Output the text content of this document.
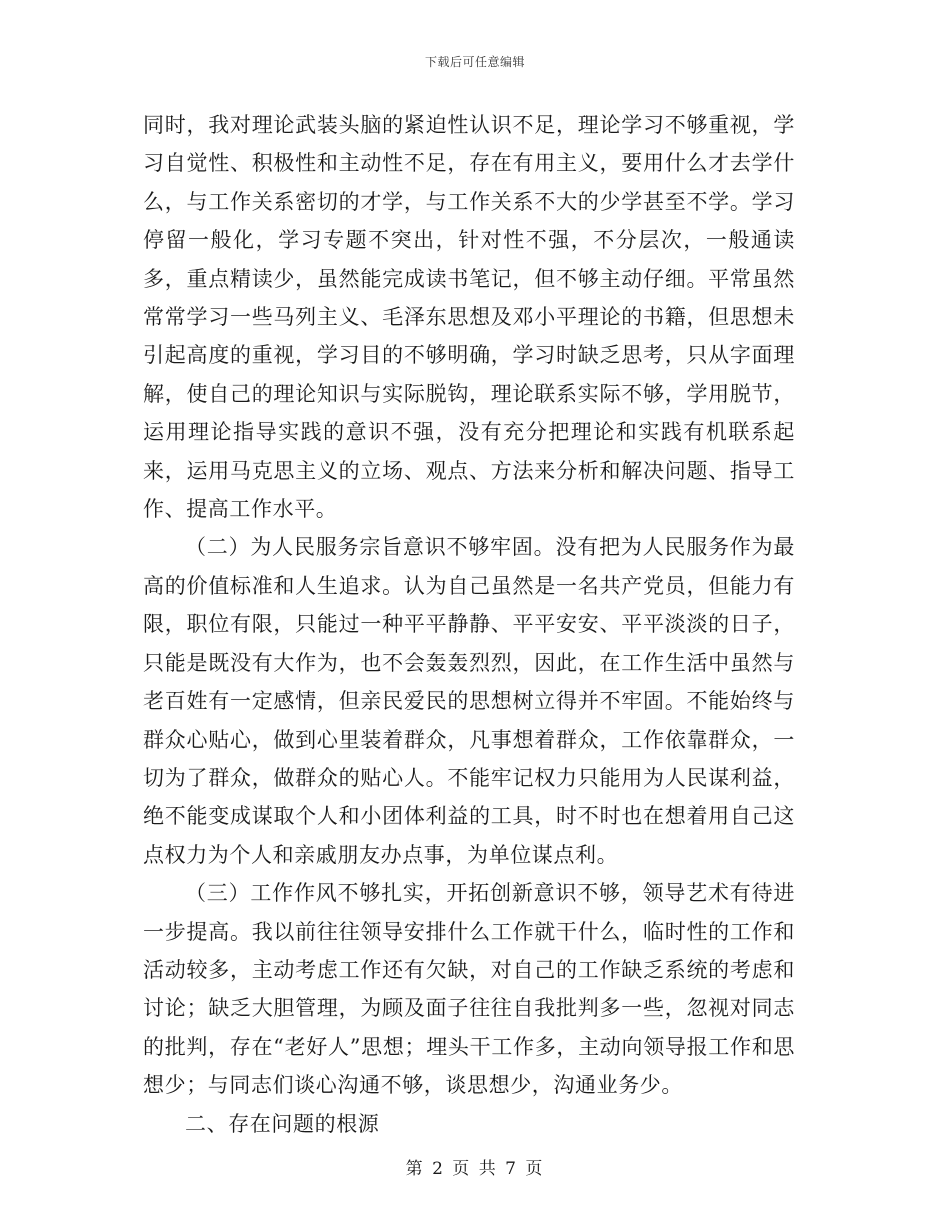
下载后可任意编辑

同时，我对理论武装头脑的紧迫性认识不足，理论学习不够重视，学习自觉性、积极性和主动性不足，存在有用主义，要用什么才去学什么，与工作关系密切的才学，与工作关系不大的少学甚至不学。学习停留一般化，学习专题不突出，针对性不强，不分层次，一般通读多，重点精读少，虽然能完成读书笔记，但不够主动仔细。平常虽然常常学习一些马列主义、毛泽东思想及邓小平理论的书籍，但思想未引起高度的重视，学习目的不够明确，学习时缺乏思考，只从字面理解，使自己的理论知识与实际脱钩，理论联系实际不够，学用脱节，运用理论指导实践的意识不强，没有充分把理论和实践有机联系起来，运用马克思主义的立场、观点、方法来分析和解决问题、指导工作、提高工作水平。

（二）为人民服务宗旨意识不够牢固。没有把为人民服务作为最高的价值标准和人生追求。认为自己虽然是一名共产党员，但能力有限，职位有限，只能过一种平平静静、平平安安、平平淡淡的日子，只能是既没有大作为，也不会轰轰烈烈，因此，在工作生活中虽然与老百姓有一定感情，但亲民爱民的思想树立得并不牢固。不能始终与群众心贴心，做到心里装着群众，凡事想着群众，工作依靠群众，一切为了群众，做群众的贴心人。不能牢记权力只能用为人民谋利益，绝不能变成谋取个人和小团体利益的工具，时不时也在想着用自己这点权力为个人和亲戚朋友办点事，为单位谋点利。

（三）工作作风不够扎实，开拓创新意识不够，领导艺术有待进一步提高。我以前往往领导安排什么工作就干什么，临时性的工作和活动较多，主动考虑工作还有欠缺，对自己的工作缺乏系统的考虑和讨论；缺乏大胆管理，为顾及面子往往自我批判多一些，忽视对同志的批判，存在“老好人”思想；埋头干工作多，主动向领导报工作和思想少；与同志们谈心沟通不够，谈思想少，沟通业务少。

二、存在问题的根源

第 2 页 共 7 页
